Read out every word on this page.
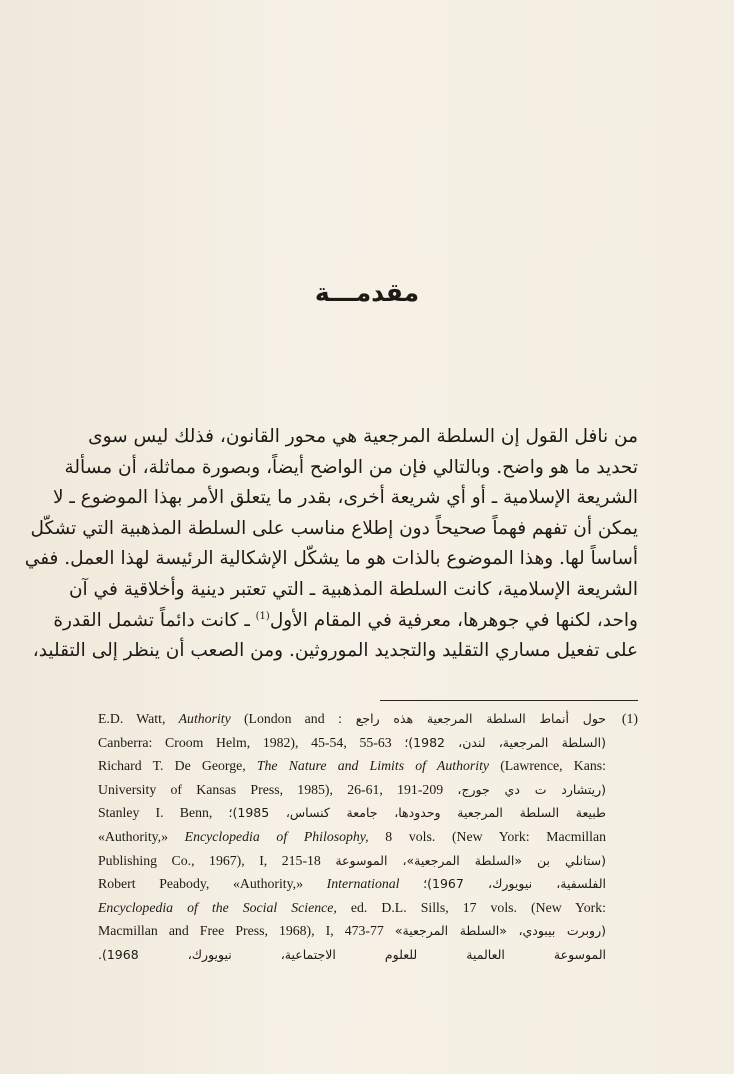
مقدمـــة
من نافل القول إن السلطة المرجعية هي محور القانون، فذلك ليس سوى
تحديد ما هو واضح. وبالتالي فإن من الواضح أيضاً، وبصورة مماثلة، أن مسألة
الشريعة الإسلامية ـ أو أي شريعة أخرى، بقدر ما يتعلق الأمر بهذا الموضوع ـ لا
يمكن أن تفهم فهماً صحيحاً دون إطلاع مناسب على السلطة المذهبية التي تشكّل
أساساً لها. وهذا الموضوع بالذات هو ما يشكّل الإشكالية الرئيسة لهذا العمل. ففي
الشريعة الإسلامية، كانت السلطة المذهبية ـ التي تعتبر دينية وأخلاقية في آن
واحد، لكنها في جوهرها، معرفية في المقام الأول$^{(1)}$ ـ كانت دائماً تشمل القدرة
على تفعيل مساري التقليد والتجديد الموروثين. ومن الصعب أن ينظر إلى التقليد،
(1)
E.D. Watt, Authority (London and حول أنماط السلطة المرجعية هذه راجع :
Canberra: Croom Helm, 1982), 45-54, 55-63 (السلطة المرجعية، لندن، 1982)؛
Richard T. De George, The Nature and Limits of Authority (Lawrence, Kans:
University of Kansas Press, 1985), 26-61, 191-209 (ريتشارد ت دي جورج،
Stanley I. Benn, طبيعة السلطة المرجعية وحدودها، جامعة كنساس، 1985)؛
«Authority,» Encyclopedia of Philosophy, 8 vols. (New York: Macmillan
Publishing Co., 1967), I, 215-18 (ستانلي بن «السلطة المرجعية»، الموسوعة
Robert Peabody, «Authority,» International الفلسفية، نيويورك، 1967)؛
Encyclopedia of the Social Science, ed. D.L. Sills, 17 vols. (New York:
Macmillan and Free Press, 1968), I, 473-77 (روبرت بيبودي، «السلطة المرجعية»
الموسوعة العالمية للعلوم الاجتماعية، نيويورك، 1968).
